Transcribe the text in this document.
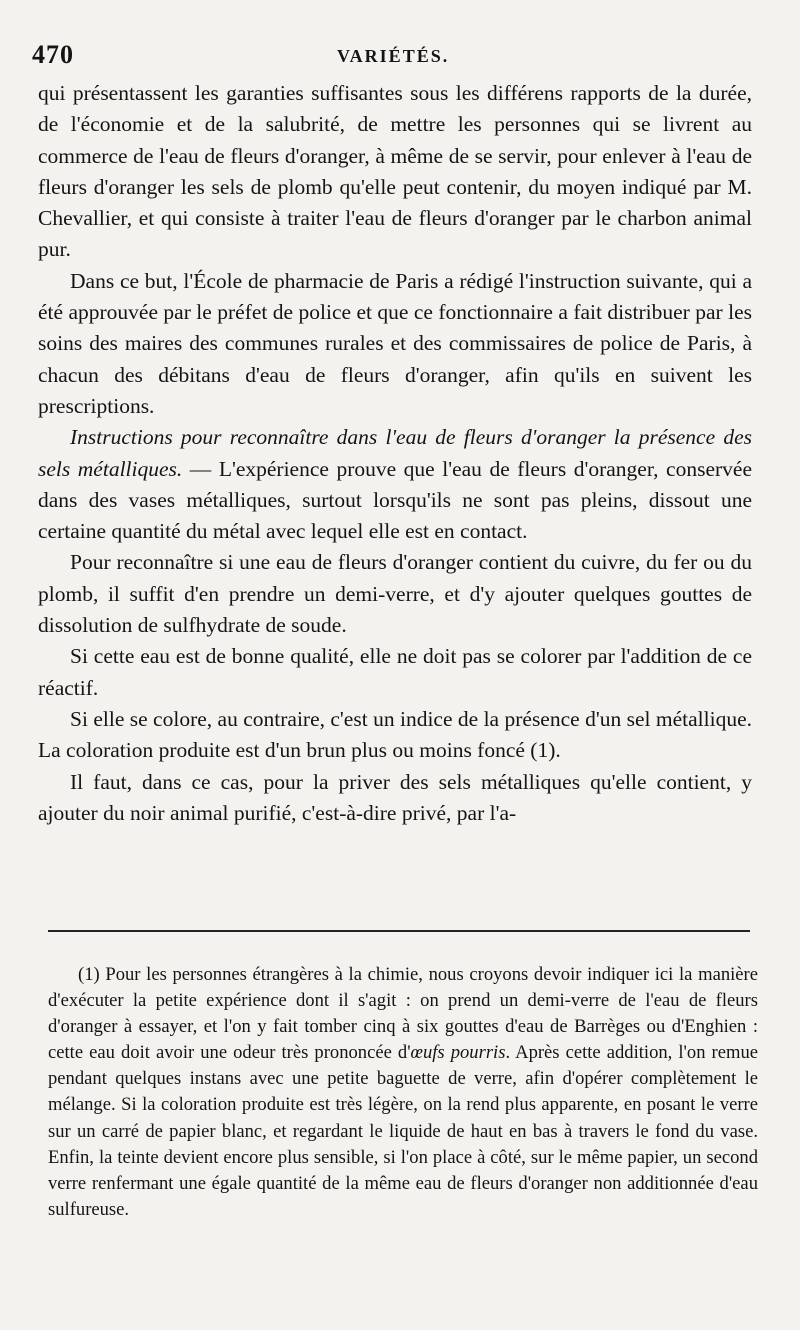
470	VARIÉTÉS.

qui présentassent les garanties suffisantes sous les différens rapports de la durée, de l'économie et de la salubrité, de mettre les personnes qui se livrent au commerce de l'eau de fleurs d'oranger, à même de se servir, pour enlever à l'eau de fleurs d'oranger les sels de plomb qu'elle peut contenir, du moyen indiqué par M. Chevallier, et qui consiste à traiter l'eau de fleurs d'oranger par le charbon animal pur.

Dans ce but, l'École de pharmacie de Paris a rédigé l'instruction suivante, qui a été approuvée par le préfet de police et que ce fonctionnaire a fait distribuer par les soins des maires des communes rurales et des commissaires de police de Paris, à chacun des débitans d'eau de fleurs d'oranger, afin qu'ils en suivent les prescriptions.

Instructions pour reconnaître dans l'eau de fleurs d'oranger la présence des sels métalliques. — L'expérience prouve que l'eau de fleurs d'oranger, conservée dans des vases métalliques, surtout lorsqu'ils ne sont pas pleins, dissout une certaine quantité du métal avec lequel elle est en contact.

Pour reconnaître si une eau de fleurs d'oranger contient du cuivre, du fer ou du plomb, il suffit d'en prendre un demi-verre, et d'y ajouter quelques gouttes de dissolution de sulfhydrate de soude.

Si cette eau est de bonne qualité, elle ne doit pas se colorer par l'addition de ce réactif.

Si elle se colore, au contraire, c'est un indice de la présence d'un sel métallique. La coloration produite est d'un brun plus ou moins foncé (1).

Il faut, dans ce cas, pour la priver des sels métalliques qu'elle contient, y ajouter du noir animal purifié, c'est-à-dire privé, par l'a-

(1) Pour les personnes étrangères à la chimie, nous croyons devoir indiquer ici la manière d'exécuter la petite expérience dont il s'agit : on prend un demi-verre de l'eau de fleurs d'oranger à essayer, et l'on y fait tomber cinq à six gouttes d'eau de Barrèges ou d'Enghien : cette eau doit avoir une odeur très prononcée d'œufs pourris. Après cette addition, l'on remue pendant quelques instans avec une petite baguette de verre, afin d'opérer complètement le mélange. Si la coloration produite est très légère, on la rend plus apparente, en posant le verre sur un carré de papier blanc, et regardant le liquide de haut en bas à travers le fond du vase. Enfin, la teinte devient encore plus sensible, si l'on place à côté, sur le même papier, un second verre renfermant une égale quantité de la même eau de fleurs d'oranger non additionnée d'eau sulfureuse.
